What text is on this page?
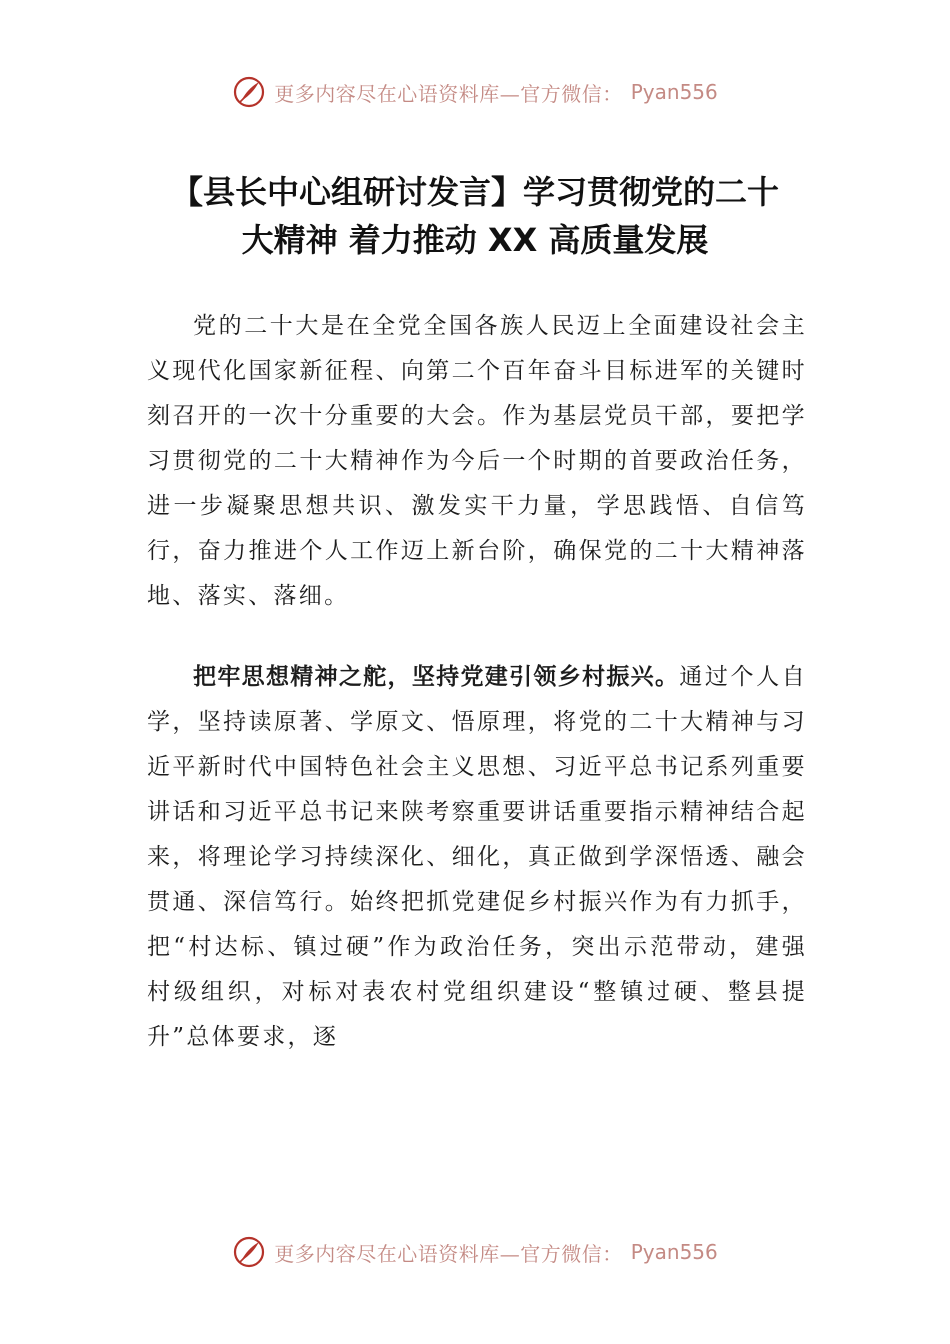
更多内容尽在心语资料库—官方微信： Pyan556
【县长中心组研讨发言】学习贯彻党的二十
大精神 着力推动 XX 高质量发展

党的二十大是在全党全国各族人民迈上全面建设社会主义现代化国家新征程、向第二个百年奋斗目标进军的关键时刻召开的一次十分重要的大会。作为基层党员干部，要把学习贯彻党的二十大精神作为今后一个时期的首要政治任务，进一步凝聚思想共识、激发实干力量，学思践悟、自信笃行，奋力推进个人工作迈上新台阶，确保党的二十大精神落地、落实、落细。

把牢思想精神之舵，坚持党建引领乡村振兴。通过个人自学，坚持读原著、学原文、悟原理，将党的二十大精神与习近平新时代中国特色社会主义思想、习近平总书记系列重要讲话和习近平总书记来陕考察重要讲话重要指示精神结合起来，将理论学习持续深化、细化，真正做到学深悟透、融会贯通、深信笃行。始终把抓党建促乡村振兴作为有力抓手，把“村达标、镇过硬”作为政治任务，突出示范带动，建强村级组织，对标对表农村党组织建设“整镇过硬、整县提升”总体要求，逐

更多内容尽在心语资料库—官方微信： Pyan556
